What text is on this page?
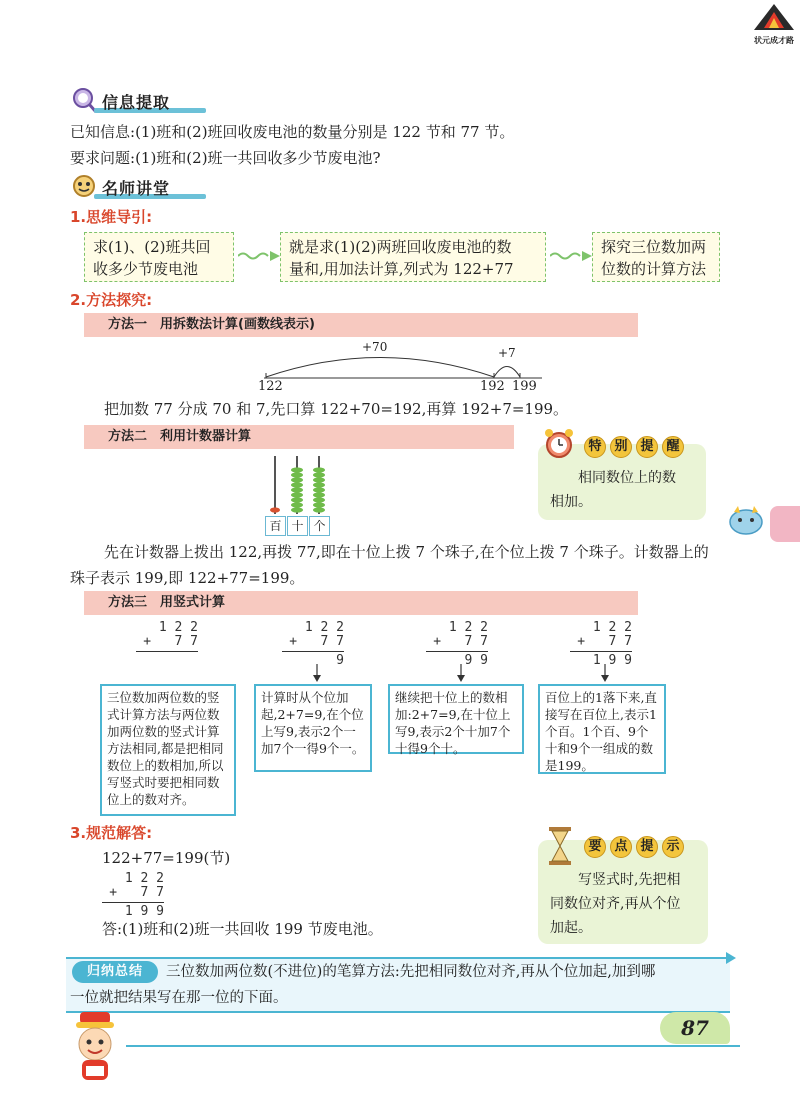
状元成才路
信息提取
已知信息:(1)班和(2)班回收废电池的数量分别是 122 节和 77 节。
要求问题:(1)班和(2)班一共回收多少节废电池?
名师讲堂
1.思维导引:
求(1)、(2)班共回
收多少节废电池
就是求(1)(2)两班回收废电池的数
量和,用加法计算,列式为 122+77
探究三位数加两
位数的计算方法
2.方法探究:
方法一　用拆数法计算(画数线表示)
+70	+7
122	192 199
把加数 77 分成 70 和 7,先口算 122+70=192,再算 192+7=199。
方法二　利用计数器计算
百 十 个
相同数位上的数
相加。
特 别 提 醒
先在计数器上拨出 122,再拨 77,即在十位上拨 7 个珠子,在个位上拨 7 个珠子。计数器上的
珠子表示 199,即 122+77=199。
方法三　用竖式计算
1 2 2
+   7 7
1 2 2
+   7 7
9
1 2 2
+   7 7
9 9
1 2 2
+   7 7
1 9 9
三位数加两位数的竖式计算方法与两位数加两位数的竖式计算方法相同,都是把相同数位上的数相加,所以写竖式时要把相同数位上的数对齐。
计算时从个位加起,2+7=9,在个位上写9,表示2个一加7个一得9个一。
继续把十位上的数相加:2+7=9,在十位上写9,表示2个十加7个十得9个十。
百位上的1落下来,直接写在百位上,表示1个百。1个百、9个十和9个一组成的数是199。
3.规范解答:
122+77=199(节)
1 2 2
+   7 7
1 9 9
答:(1)班和(2)班一共回收 199 节废电池。
写竖式时,先把相
同数位对齐,再从个位
加起。
要 点 提 示
归纳总结	三位数加两位数(不进位)的笔算方法:先把相同数位对齐,再从个位加起,加到哪
一位就把结果写在那一位的下面。
87
